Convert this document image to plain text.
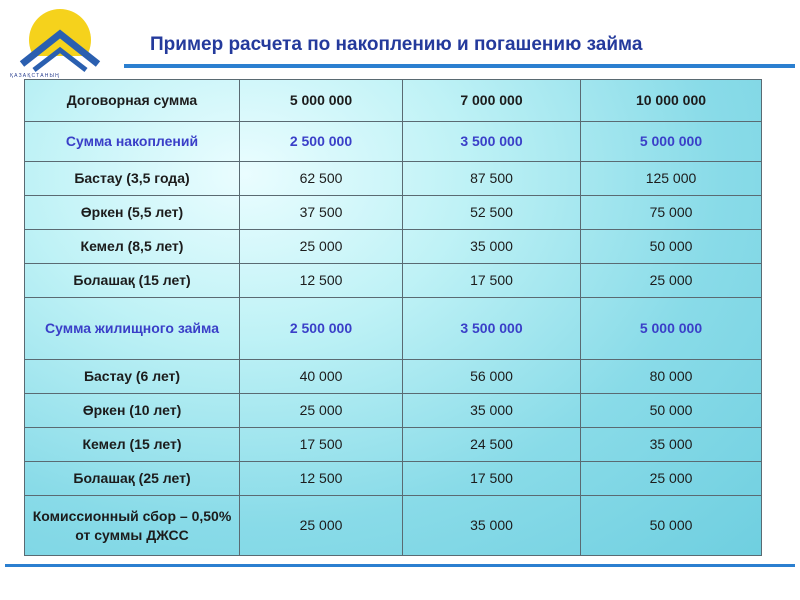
ҚАЗАҚСТАНЫҢ
Пример расчета по накоплению и погашению займа
Договорная сумма	5 000 000	7 000 000	10 000 000
Сумма накоплений	2 500 000	3 500 000	5 000 000
Бастау (3,5 года)	62 500	87 500	125 000
Өркен (5,5 лет)	37 500	52 500	75 000
Кемел (8,5 лет)	25 000	35 000	50 000
Болашақ (15 лет)	12 500	17 500	25 000
Сумма жилищного займа	2 500 000	3 500 000	5 000 000
Бастау (6 лет)	40 000	56 000	80 000
Өркен (10 лет)	25 000	35 000	50 000
Кемел (15 лет)	17 500	24 500	35 000
Болашақ (25 лет)	12 500	17 500	25 000
Комиссионный сбор – 0,50% от суммы ДЖСС	25 000	35 000	50 000
